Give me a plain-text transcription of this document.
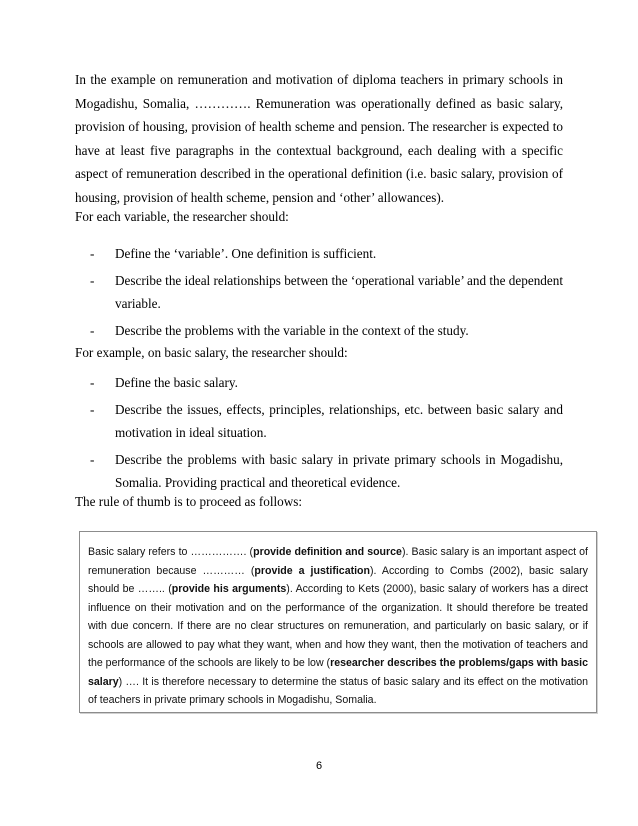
In the example on remuneration and motivation of diploma teachers in primary schools in Mogadishu, Somalia, …………. Remuneration was operationally defined as basic salary, provision of housing, provision of health scheme and pension. The researcher is expected to have at least five paragraphs in the contextual background, each dealing with a specific aspect of remuneration described in the operational definition (i.e. basic salary, provision of housing, provision of health scheme, pension and ‘other’ allowances).

For each variable, the researcher should:

- Define the ‘variable’. One definition is sufficient.
- Describe the ideal relationships between the ‘operational variable’ and the dependent variable.
- Describe the problems with the variable in the context of the study.

For example, on basic salary, the researcher should:

- Define the basic salary.
- Describe the issues, effects, principles, relationships, etc. between basic salary and motivation in ideal situation.
- Describe the problems with basic salary in private primary schools in Mogadishu, Somalia. Providing practical and theoretical evidence.

The rule of thumb is to proceed as follows:

Basic salary refers to ……………. (provide definition and source). Basic salary is an important aspect of remuneration because ………… (provide a justification). According to Combs (2002), basic salary should be …….. (provide his arguments). According to Kets (2000), basic salary of workers has a direct influence on their motivation and on the performance of the organization. It should therefore be treated with due concern. If there are no clear structures on remuneration, and particularly on basic salary, or if schools are allowed to pay what they want, when and how they want, then the motivation of teachers and the performance of the schools are likely to be low (researcher describes the problems/gaps with basic salary) …. It is therefore necessary to determine the status of basic salary and its effect on the motivation of teachers in private primary schools in Mogadishu, Somalia.

6
